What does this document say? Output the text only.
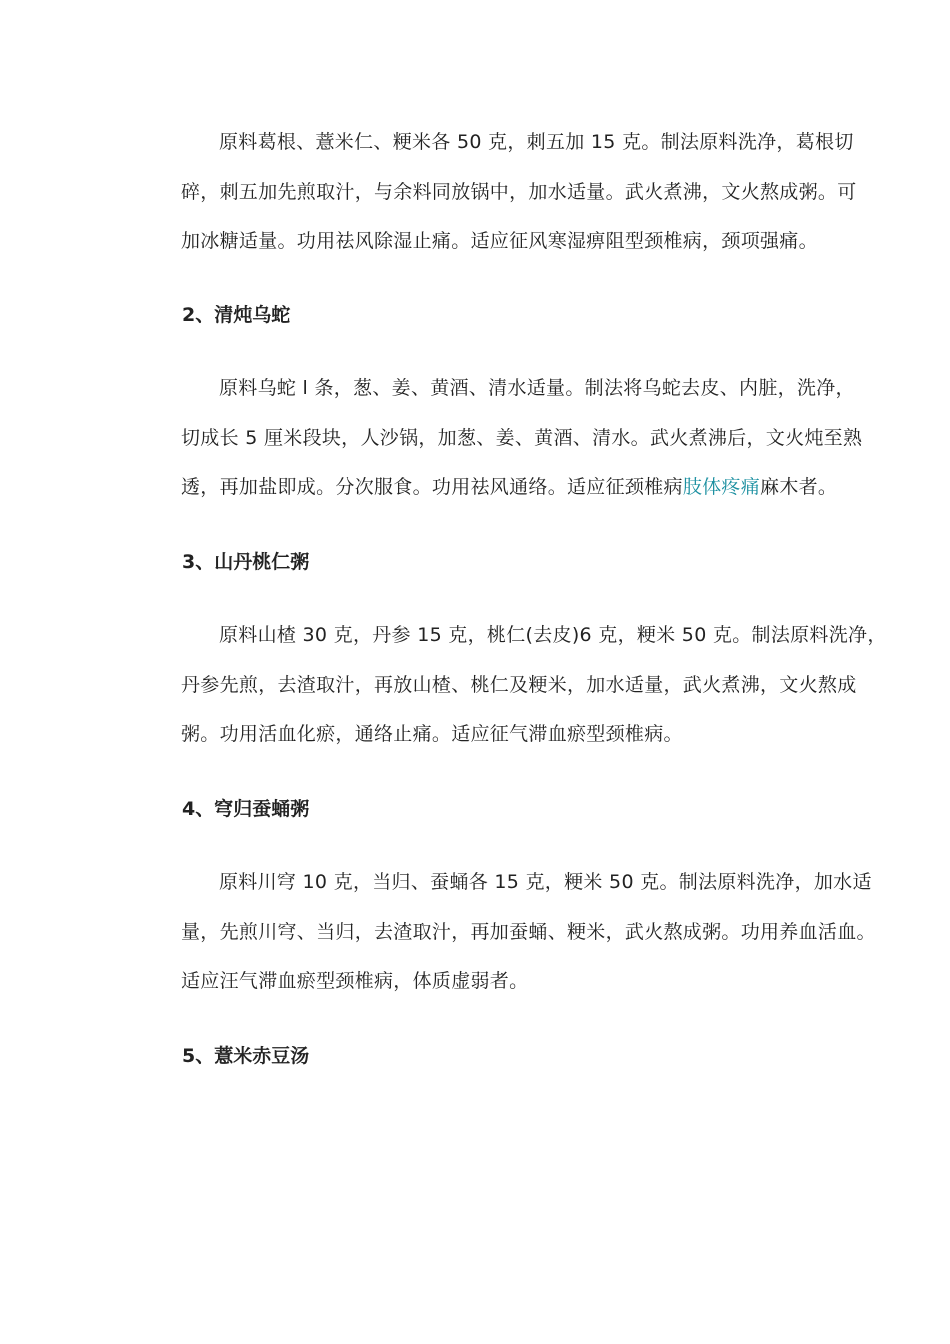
原料葛根、薏米仁、粳米各 50 克，刺五加 15 克。制法原料洗净，葛根切
碎，刺五加先煎取汁，与余料同放锅中，加水适量。武火煮沸，文火熬成粥。可
加冰糖适量。功用祛风除湿止痛。适应征风寒湿痹阻型颈椎病，颈项强痛。
2、清炖乌蛇
原料乌蛇 l 条，葱、姜、黄酒、清水适量。制法将乌蛇去皮、内脏，洗净，
切成长 5 厘米段块，人沙锅，加葱、姜、黄酒、清水。武火煮沸后，文火炖至熟
透，再加盐即成。分次服食。功用祛风通络。适应征颈椎病肢体疼痛麻木者。
3、山丹桃仁粥
原料山楂 30 克，丹参 15 克，桃仁(去皮)6 克，粳米 50 克。制法原料洗净，
丹参先煎，去渣取汁，再放山楂、桃仁及粳米，加水适量，武火煮沸，文火熬成
粥。功用活血化瘀，通络止痛。适应征气滞血瘀型颈椎病。
4、穹归蚕蛹粥
原料川穹 10 克，当归、蚕蛹各 15 克，粳米 50 克。制法原料洗净，加水适
量，先煎川穹、当归，去渣取汁，再加蚕蛹、粳米，武火熬成粥。功用养血活血。
适应汪气滞血瘀型颈椎病，体质虚弱者。
5、薏米赤豆汤
